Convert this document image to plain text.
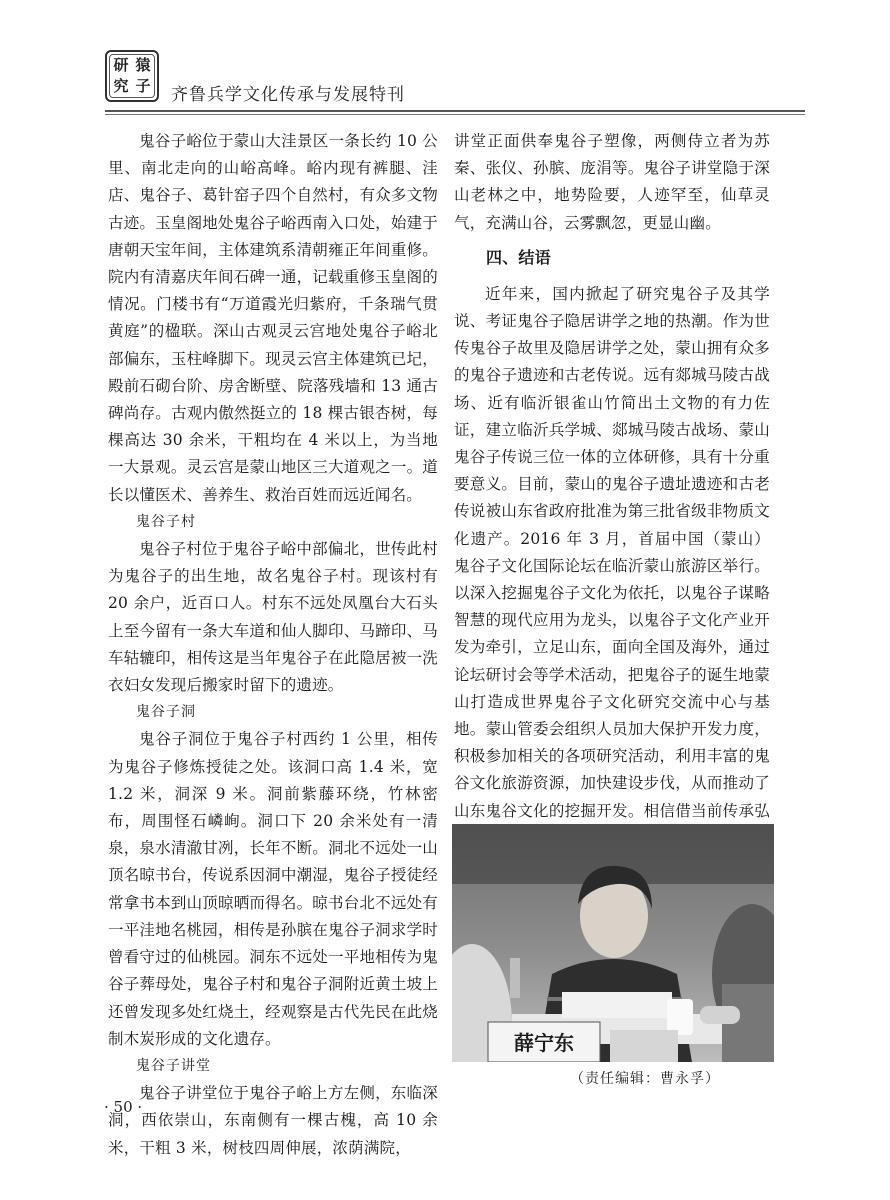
研 猿
究 子 齐鲁兵学文化传承与发展特刊

鬼谷子峪位于蒙山大洼景区一条长约 10 公里、南北走向的山峪高峰。峪内现有裤腿、洼店、鬼谷子、葛针窑子四个自然村，有众多文物古迹。玉皇阁地处鬼谷子峪西南入口处，始建于唐朝天宝年间，主体建筑系清朝雍正年间重修。院内有清嘉庆年间石碑一通，记载重修玉皇阁的情况。门楼书有“万道霞光归紫府，千条瑞气贯黄庭”的楹联。深山古观灵云宫地处鬼谷子峪北部偏东，玉柱峰脚下。现灵云宫主体建筑已圮，殿前石砌台阶、房舍断壁、院落残墙和 13 通古碑尚存。古观内傲然挺立的 18 棵古银杏树，每棵高达 30 余米，干粗均在 4 米以上，为当地一大景观。灵云宫是蒙山地区三大道观之一。道长以懂医术、善养生、救治百姓而远近闻名。

鬼谷子村

鬼谷子村位于鬼谷子峪中部偏北，世传此村为鬼谷子的出生地，故名鬼谷子村。现该村有 20 余户，近百口人。村东不远处凤凰台大石头上至今留有一条大车道和仙人脚印、马蹄印、马车轱辘印，相传这是当年鬼谷子在此隐居被一洗衣妇女发现后搬家时留下的遗迹。

鬼谷子洞

鬼谷子洞位于鬼谷子村西约 1 公里，相传为鬼谷子修炼授徒之处。该洞口高 1.4 米，宽 1.2 米，洞深 9 米。洞前紫藤环绕，竹林密布，周围怪石嶙峋。洞口下 20 余米处有一清泉，泉水清澈甘冽，长年不断。洞北不远处一山顶名晾书台，传说系因洞中潮湿，鬼谷子授徒经常拿书本到山顶晾晒而得名。晾书台北不远处有一平洼地名桃园，相传是孙膑在鬼谷子洞求学时曾看守过的仙桃园。洞东不远处一平地相传为鬼谷子葬母处，鬼谷子村和鬼谷子洞附近黄土坡上还曾发现多处红烧土，经观察是古代先民在此烧制木炭形成的文化遗存。

鬼谷子讲堂

鬼谷子讲堂位于鬼谷子峪上方左侧，东临深洞，西依崇山，东南侧有一棵古槐，高 10 余米，干粗 3 米，树枝四周伸展，浓荫满院，

讲堂正面供奉鬼谷子塑像，两侧侍立者为苏秦、张仪、孙膑、庞涓等。鬼谷子讲堂隐于深山老林之中，地势险要，人迹罕至，仙草灵气，充满山谷，云雾飘忽，更显山幽。

四、结语

近年来，国内掀起了研究鬼谷子及其学说、考证鬼谷子隐居讲学之地的热潮。作为世传鬼谷子故里及隐居讲学之处，蒙山拥有众多的鬼谷子遗迹和古老传说。远有郯城马陵古战场、近有临沂银雀山竹简出土文物的有力佐证，建立临沂兵学城、郯城马陵古战场、蒙山鬼谷子传说三位一体的立体研修，具有十分重要意义。目前，蒙山的鬼谷子遗址遗迹和古老传说被山东省政府批准为第三批省级非物质文化遗产。2016 年 3 月，首届中国（蒙山）鬼谷子文化国际论坛在临沂蒙山旅游区举行。以深入挖掘鬼谷子文化为依托，以鬼谷子谋略智慧的现代应用为龙头，以鬼谷子文化产业开发为牵引，立足山东，面向全国及海外，通过论坛研讨会等学术活动，把鬼谷子的诞生地蒙山打造成世界鬼谷子文化研究交流中心与基地。蒙山管委会组织人员加大保护开发力度，积极参加相关的各项研究活动，利用丰富的鬼谷文化旅游资源，加快建设步伐，从而推动了山东鬼谷文化的挖掘开发。相信借当前传承弘

薛宁东
（责任编辑：曹永孚）
· 50 ·
